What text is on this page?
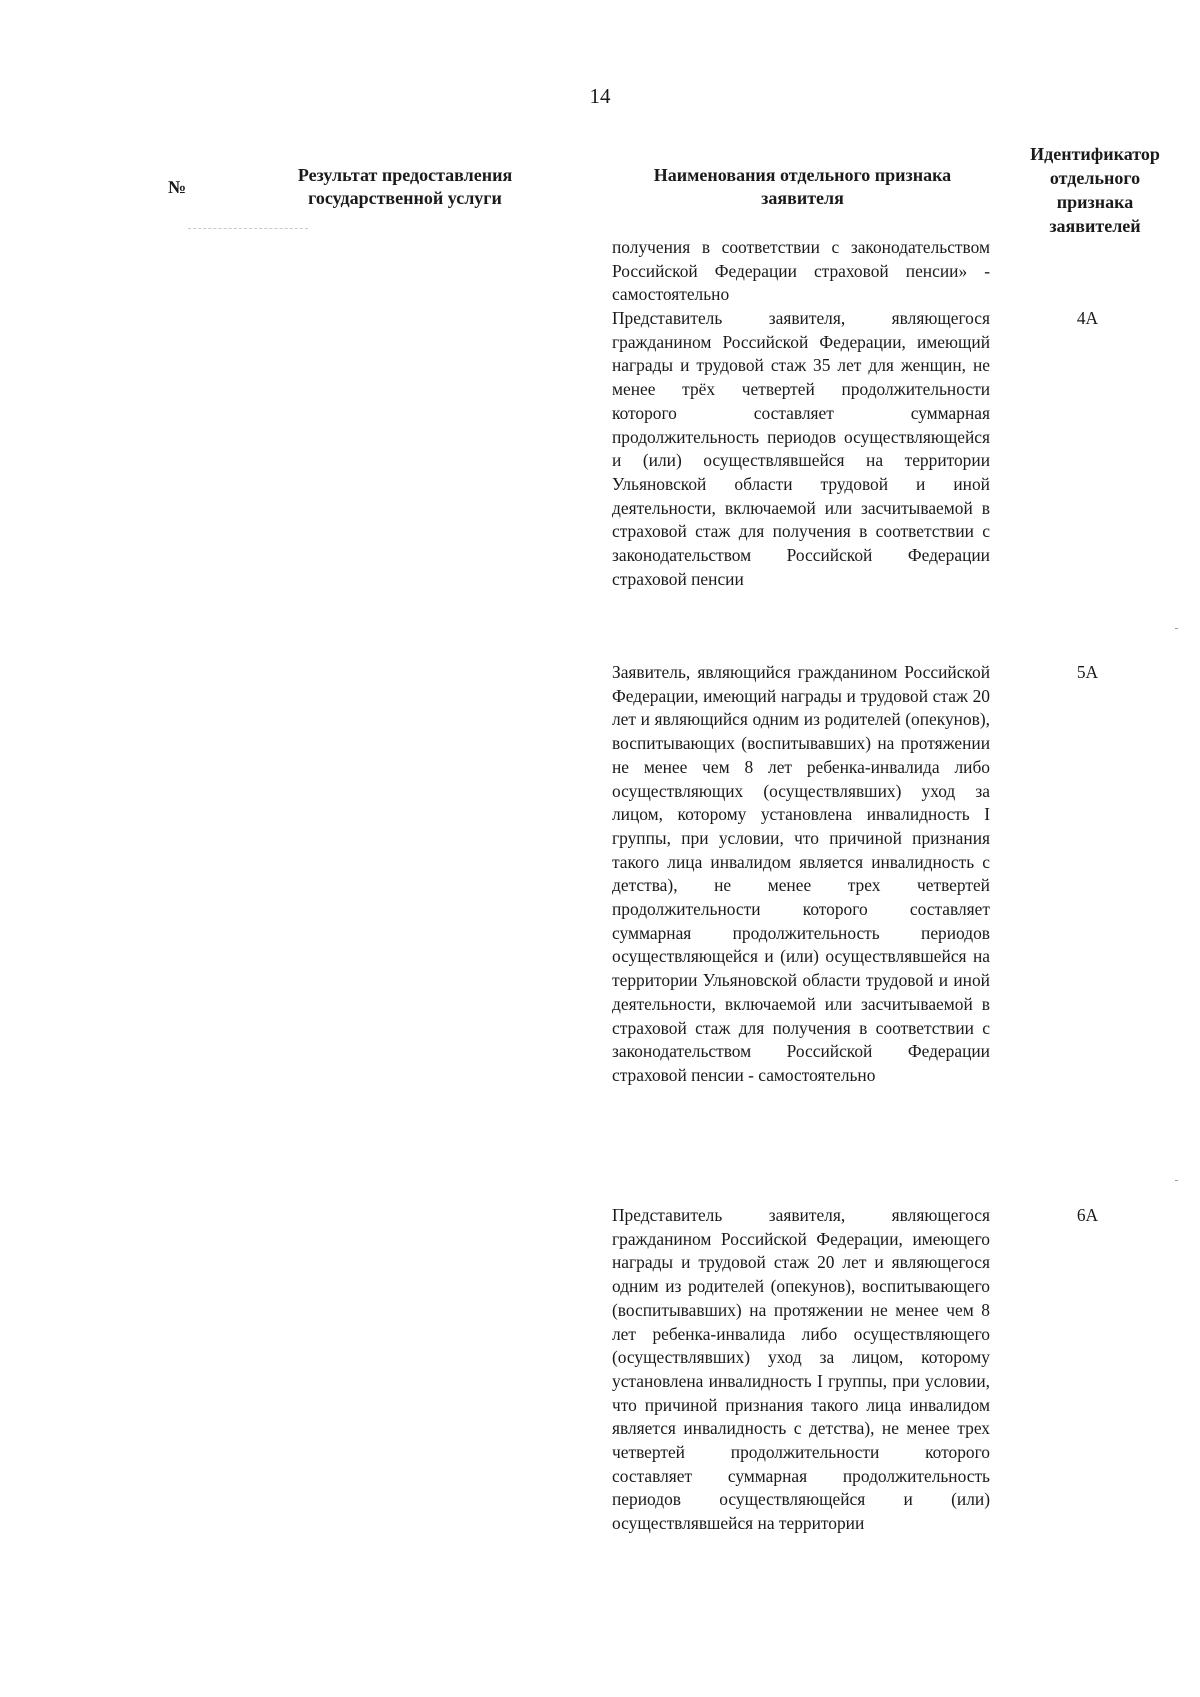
14
№
Результат предоставления государственной услуги
Наименования отдельного признака заявителя
Идентификатор отдельного признака заявителей

получения в соответствии с законодательством Российской Федерации страховой пенсии» - самостоятельно

Представитель заявителя, являющегося гражданином Российской Федерации, имеющий награды и трудовой стаж 35 лет для женщин, не менее трёх четвертей продолжительности которого составляет суммарная продолжительность периодов осуществляющейся и (или) осуществлявшейся на территории Ульяновской области трудовой и иной деятельности, включаемой или засчитываемой в страховой стаж для получения в соответствии с законодательством Российской Федерации страховой пенсии

4А

Заявитель, являющийся гражданином Российской Федерации, имеющий награды и трудовой стаж 20 лет и являющийся одним из родителей (опекунов), воспитывающих (воспитывавших) на протяжении не менее чем 8 лет ребенка-инвалида либо осуществляющих (осуществлявших) уход за лицом, которому установлена инвалидность I группы, при условии, что причиной признания такого лица инвалидом является инвалидность с детства), не менее трех четвертей продолжительности которого составляет суммарная продолжительность периодов осуществляющейся и (или) осуществлявшейся на территории Ульяновской области трудовой и иной деятельности, включаемой или засчитываемой в страховой стаж для получения в соответствии с законодательством Российской Федерации страховой пенсии - самостоятельно

5А

Представитель заявителя, являющегося гражданином Российской Федерации, имеющего награды и трудовой стаж 20 лет и являющегося одним из родителей (опекунов), воспитывающего (воспитывавших) на протяжении не менее чем 8 лет ребенка-инвалида либо осуществляющего (осуществлявших) уход за лицом, которому установлена инвалидность I группы, при условии, что причиной признания такого лица инвалидом является инвалидность с детства), не менее трех четвертей продолжительности которого составляет суммарная продолжительность периодов осуществляющейся и (или) осуществлявшейся на территории

6А
